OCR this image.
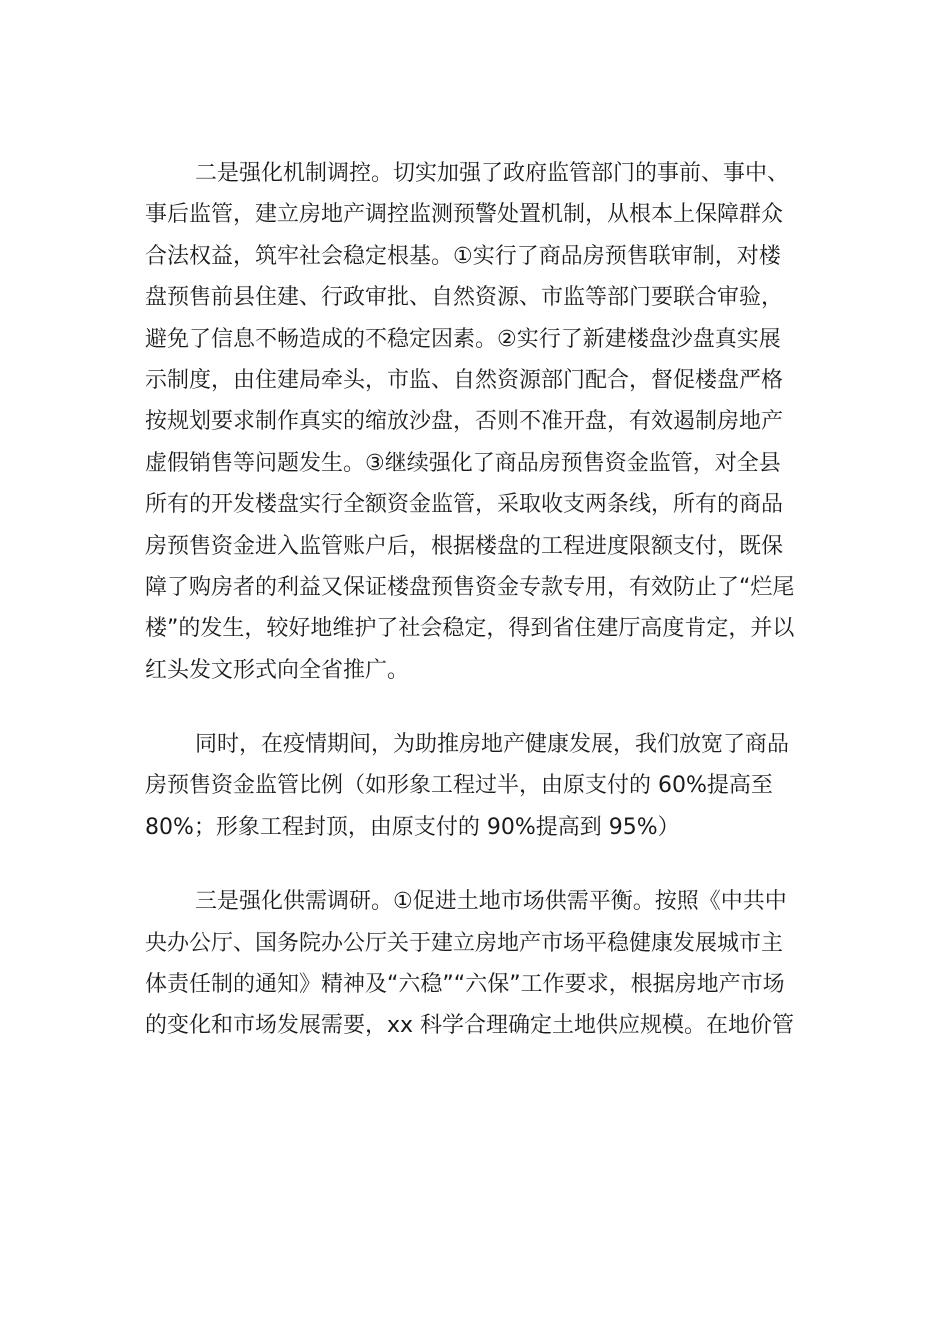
二是强化机制调控。切实加强了政府监管部门的事前、事中、
事后监管，建立房地产调控监测预警处置机制，从根本上保障群众
合法权益，筑牢社会稳定根基。①实行了商品房预售联审制，对楼
盘预售前县住建、行政审批、自然资源、市监等部门要联合审验，
避免了信息不畅造成的不稳定因素。②实行了新建楼盘沙盘真实展
示制度，由住建局牵头，市监、自然资源部门配合，督促楼盘严格
按规划要求制作真实的缩放沙盘，否则不准开盘，有效遏制房地产
虚假销售等问题发生。③继续强化了商品房预售资金监管，对全县
所有的开发楼盘实行全额资金监管，采取收支两条线，所有的商品
房预售资金进入监管账户后，根据楼盘的工程进度限额支付，既保
障了购房者的利益又保证楼盘预售资金专款专用，有效防止了“烂尾
楼”的发生，较好地维护了社会稳定，得到省住建厅高度肯定，并以
红头发文形式向全省推广。
同时，在疫情期间，为助推房地产健康发展，我们放宽了商品
房预售资金监管比例（如形象工程过半，由原支付的 60%提高至
80%；形象工程封顶，由原支付的 90%提高到 95%）
三是强化供需调研。①促进土地市场供需平衡。按照《中共中
央办公厅、国务院办公厅关于建立房地产市场平稳健康发展城市主
体责任制的通知》精神及“六稳”“六保”工作要求，根据房地产市场
的变化和市场发展需要，xx 科学合理确定土地供应规模。在地价管
